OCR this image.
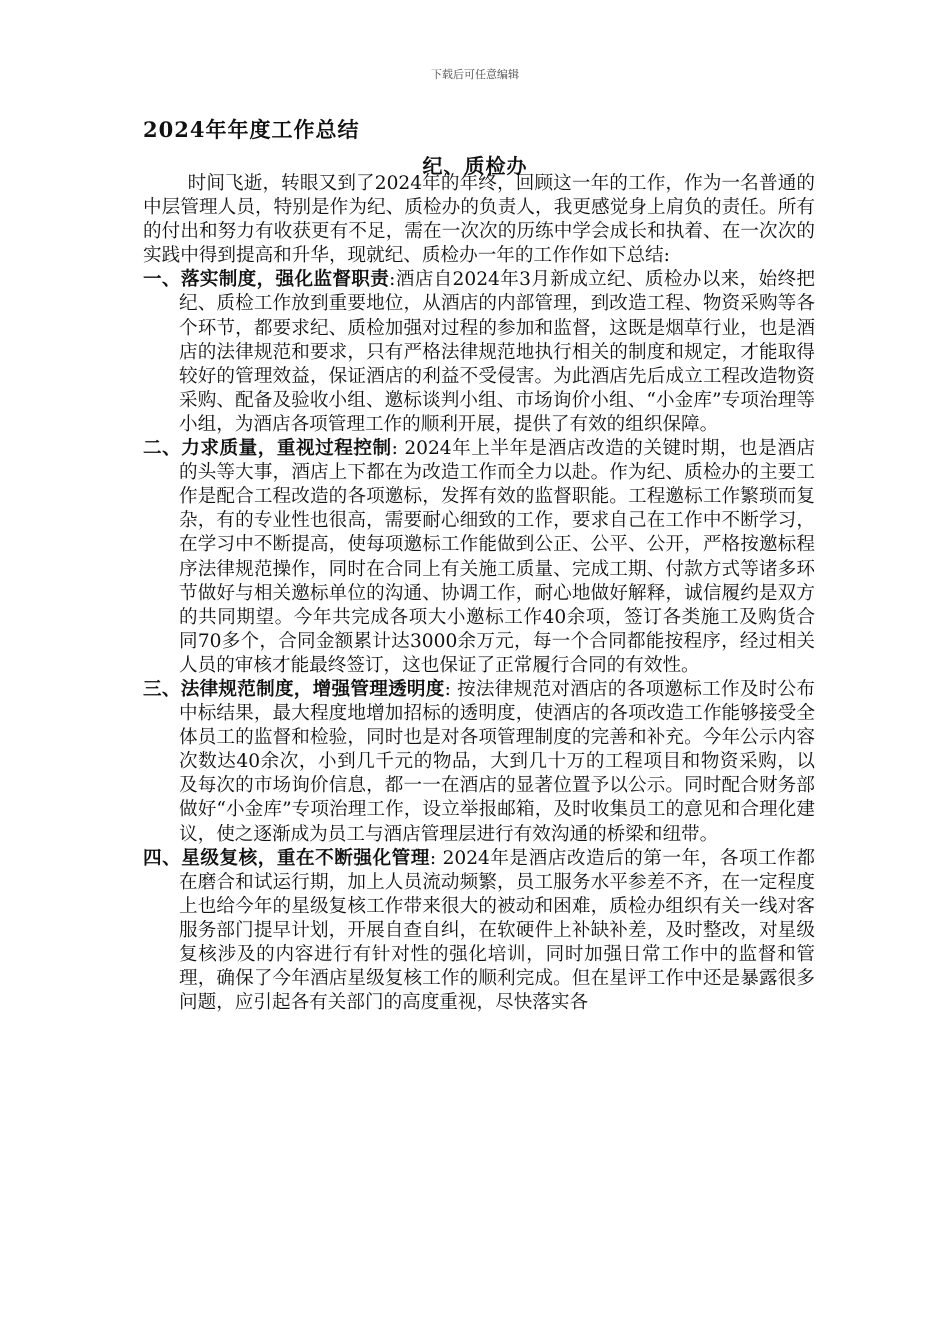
下载后可任意编辑
2024年年度工作总结
纪、质检办

时间飞逝，转眼又到了2024年的年终，回顾这一年的工作，作为一名普通的中层管理人员，特别是作为纪、质检办的负责人，我更感觉身上肩负的责任。所有的付出和努力有收获更有不足，需在一次次的历练中学会成长和执着、在一次次的实践中得到提高和升华，现就纪、质检办一年的工作作如下总结:

一、落实制度，强化监督职责:酒店自2024年3月新成立纪、质检办以来，始终把纪、质检工作放到重要地位，从酒店的内部管理，到改造工程、物资采购等各个环节，都要求纪、质检加强对过程的参加和监督，这既是烟草行业，也是酒店的法律规范和要求，只有严格法律规范地执行相关的制度和规定，才能取得较好的管理效益，保证酒店的利益不受侵害。为此酒店先后成立工程改造物资采购、配备及验收小组、邀标谈判小组、市场询价小组、“小金库”专项治理等小组，为酒店各项管理工作的顺利开展，提供了有效的组织保障。

二、力求质量，重视过程控制: 2024年上半年是酒店改造的关键时期，也是酒店的头等大事，酒店上下都在为改造工作而全力以赴。作为纪、质检办的主要工作是配合工程改造的各项邀标，发挥有效的监督职能。工程邀标工作繁琐而复杂，有的专业性也很高，需要耐心细致的工作，要求自己在工作中不断学习，在学习中不断提高，使每项邀标工作能做到公正、公平、公开，严格按邀标程序法律规范操作，同时在合同上有关施工质量、完成工期、付款方式等诸多环节做好与相关邀标单位的沟通、协调工作，耐心地做好解释，诚信履约是双方的共同期望。今年共完成各项大小邀标工作40余项，签订各类施工及购货合同70多个，合同金额累计达3000余万元，每一个合同都能按程序，经过相关人员的审核才能最终签订，这也保证了正常履行合同的有效性。

三、法律规范制度，增强管理透明度: 按法律规范对酒店的各项邀标工作及时公布中标结果，最大程度地增加招标的透明度，使酒店的各项改造工作能够接受全体员工的监督和检验，同时也是对各项管理制度的完善和补充。今年公示内容次数达40余次，小到几千元的物品，大到几十万的工程项目和物资采购，以及每次的市场询价信息，都一一在酒店的显著位置予以公示。同时配合财务部做好“小金库”专项治理工作，设立举报邮箱，及时收集员工的意见和合理化建议，使之逐渐成为员工与酒店管理层进行有效沟通的桥梁和纽带。

四、星级复核，重在不断强化管理: 2024年是酒店改造后的第一年，各项工作都在磨合和试运行期，加上人员流动频繁，员工服务水平参差不齐，在一定程度上也给今年的星级复核工作带来很大的被动和困难，质检办组织有关一线对客服务部门提早计划，开展自查自纠，在软硬件上补缺补差，及时整改，对星级复核涉及的内容进行有针对性的强化培训，同时加强日常工作中的监督和管理，确保了今年酒店星级复核工作的顺利完成。但在星评工作中还是暴露很多问题，应引起各有关部门的高度重视，尽快落实各
